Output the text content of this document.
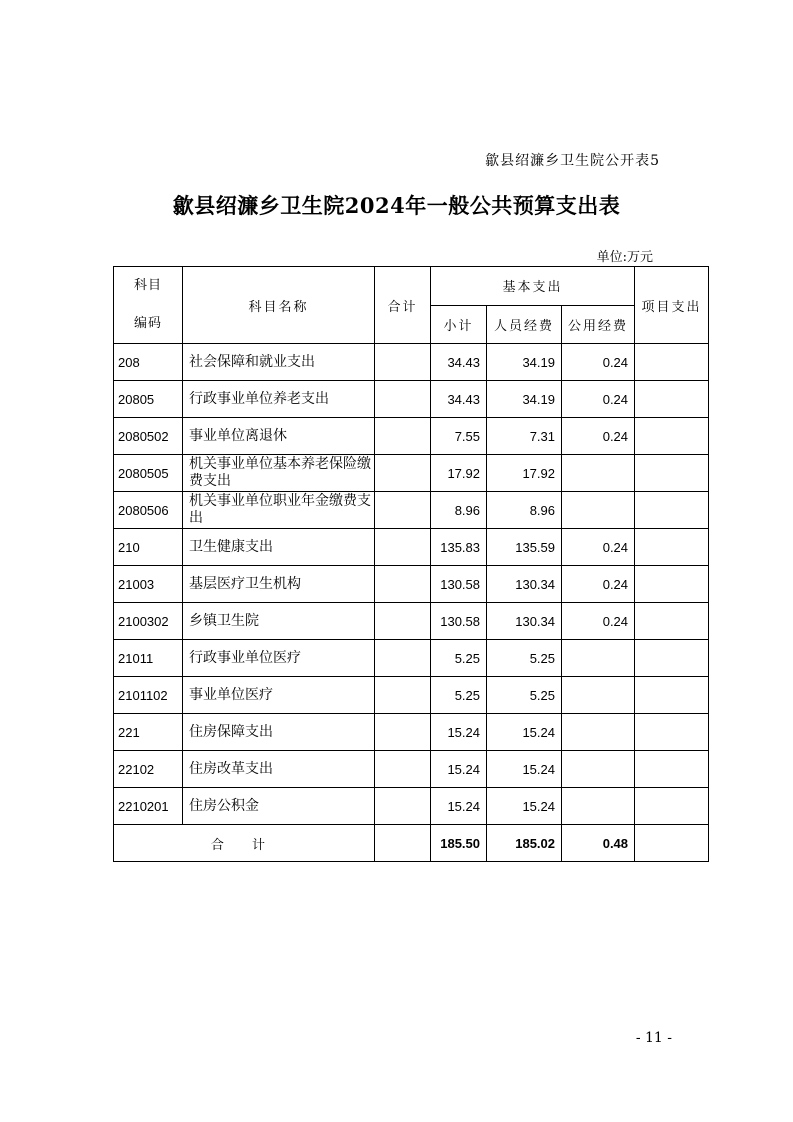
歙县绍濂乡卫生院公开表5
歙县绍濂乡卫生院2024年一般公共预算支出表
单位:万元
科目
编码	科目名称	合计	基本支出			项目支出
			小计	人员经费	公用经费	
208	社会保障和就业支出		34.43	34.19	0.24	
20805	行政事业单位养老支出		34.43	34.19	0.24	
2080502	事业单位离退休		7.55	7.31	0.24	
2080505	机关事业单位基本养老保险缴费支出		17.92	17.92		
2080506	机关事业单位职业年金缴费支出		8.96	8.96		
210	卫生健康支出		135.83	135.59	0.24	
21003	基层医疗卫生机构		130.58	130.34	0.24	
2100302	乡镇卫生院		130.58	130.34	0.24	
21011	行政事业单位医疗		5.25	5.25		
2101102	事业单位医疗		5.25	5.25		
221	住房保障支出		15.24	15.24		
22102	住房改革支出		15.24	15.24		
2210201	住房公积金		15.24	15.24		
合 计			185.50	185.02	0.48	
- 11 -
